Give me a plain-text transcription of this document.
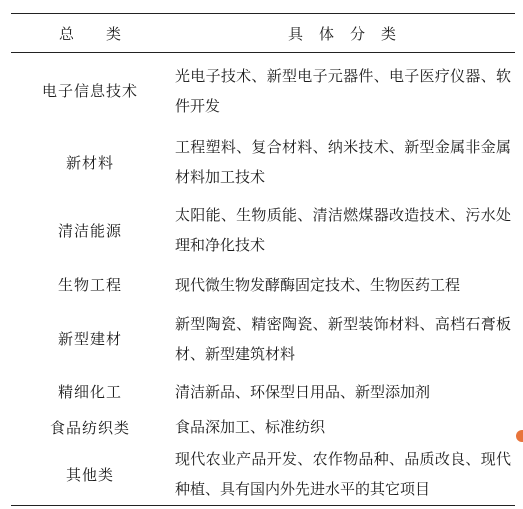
总类	具体分类
电子信息技术	光电子技术、新型电子元器件、电子医疗仪器、软件开发
新材料	工程塑料、复合材料、纳米技术、新型金属非金属材料加工技术
清洁能源	太阳能、生物质能、清洁燃煤器改造技术、污水处理和净化技术
生物工程	现代微生物发酵酶固定技术、生物医药工程
新型建材	新型陶瓷、精密陶瓷、新型装饰材料、高档石膏板材、新型建筑材料
精细化工	清洁新品、环保型日用品、新型添加剂
食品纺织类	食品深加工、标准纺织
其他类	现代农业产品开发、农作物品种、品质改良、现代种植、具有国内外先进水平的其它项目
